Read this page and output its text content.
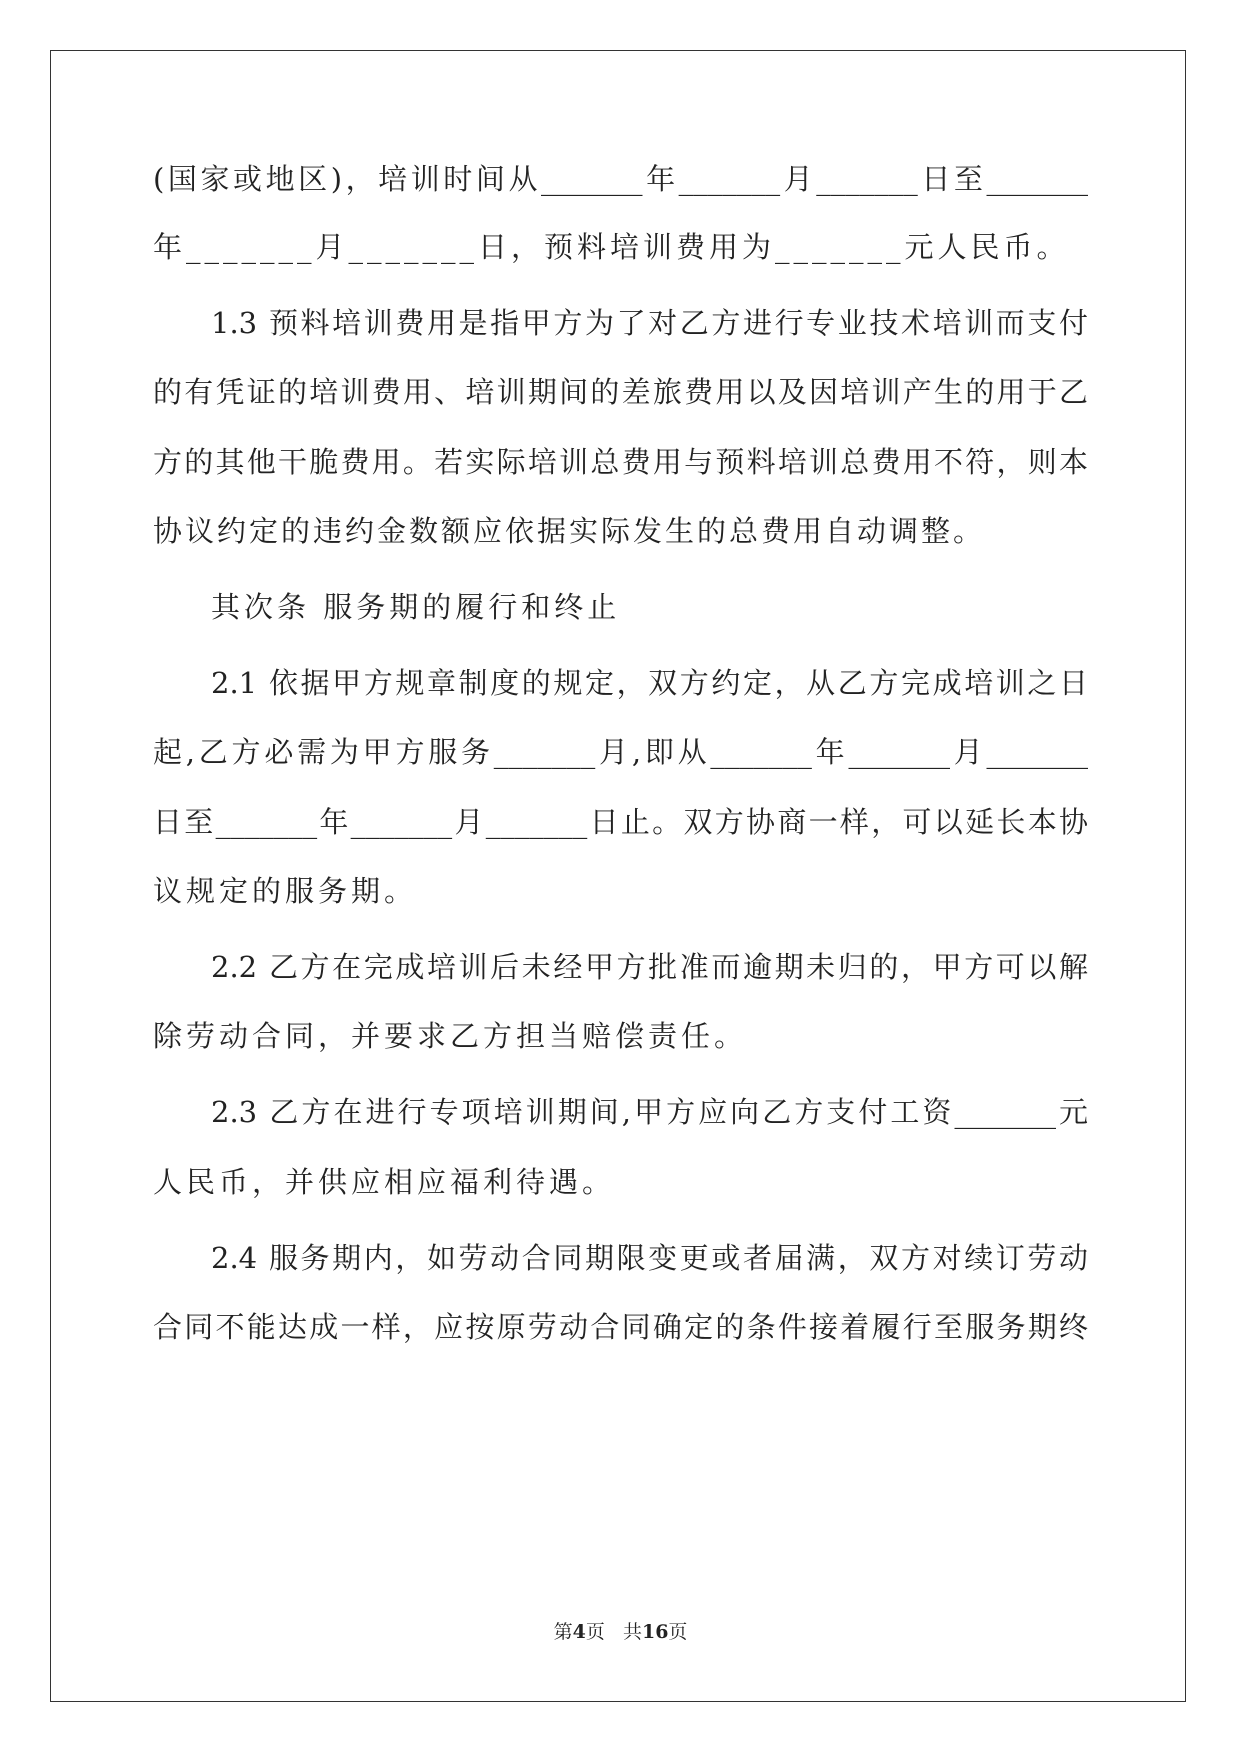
(国家或地区)，培训时间从_______年_______月_______日至_______
年_______月_______日，预料培训费用为_______元人民币。
1.3 预料培训费用是指甲方为了对乙方进行专业技术培训而支付
的有凭证的培训费用、培训期间的差旅费用以及因培训产生的用于乙
方的其他干脆费用。若实际培训总费用与预料培训总费用不符，则本
协议约定的违约金数额应依据实际发生的总费用自动调整。
其次条 服务期的履行和终止
2.1 依据甲方规章制度的规定，双方约定，从乙方完成培训之日
起,乙方必需为甲方服务_______月,即从_______年_______月_______
日至_______年_______月_______日止。双方协商一样，可以延长本协
议规定的服务期。
2.2 乙方在完成培训后未经甲方批准而逾期未归的，甲方可以解
除劳动合同，并要求乙方担当赔偿责任。
2.3 乙方在进行专项培训期间,甲方应向乙方支付工资_______元
人民币，并供应相应福利待遇。
2.4 服务期内，如劳动合同期限变更或者届满，双方对续订劳动
合同不能达成一样，应按原劳动合同确定的条件接着履行至服务期终
第4页 共16页
